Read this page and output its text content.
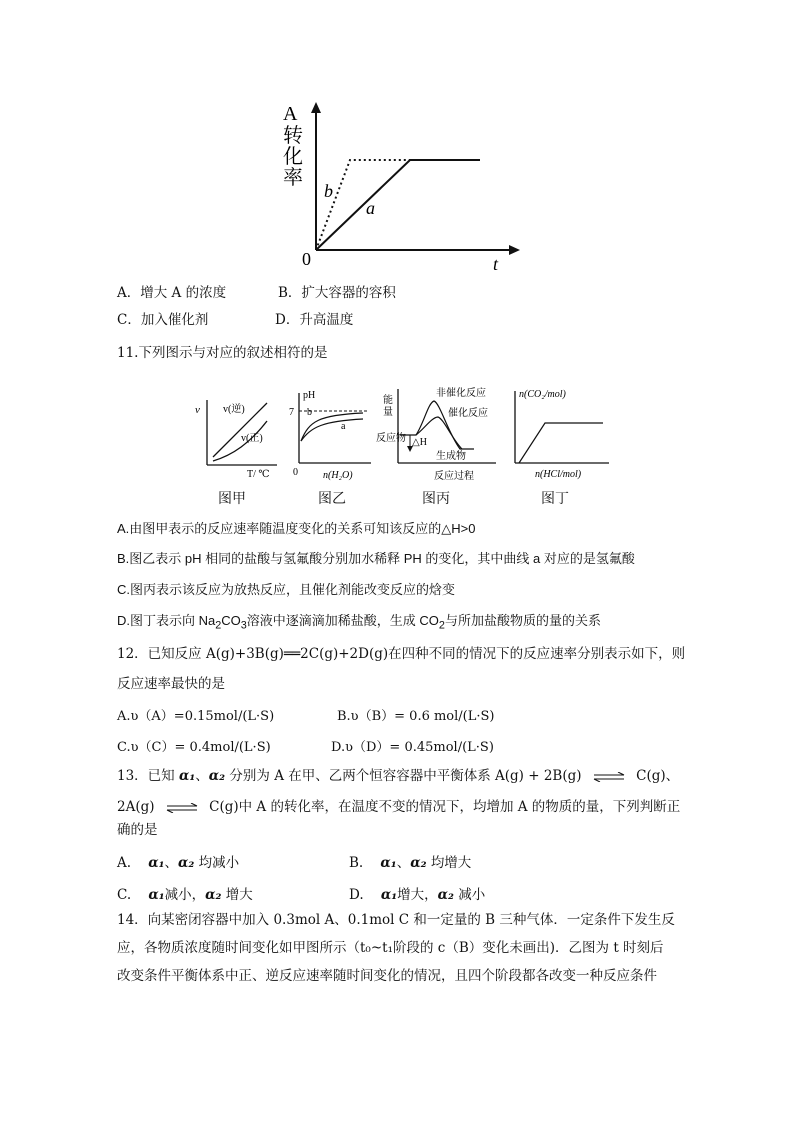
A
转
化
率
0	t
b
a
A．增大 A 的浓度	B．扩大容器的容积
C．加入催化剂	D．升高温度
11.下列图示与对应的叙述相符的是
v v(逆)
v(正)
T/ ℃
图甲
pH
7 b
a
0	n(H₂O)
图乙
能
量
非催化反应
催化反应
反应物 △H
生成物
反应过程
图丙
n(CO₂/mol)
n(HCl/mol)
图丁
A.由图甲表示的反应速率随温度变化的关系可知该反应的△H>0
B.图乙表示 pH 相同的盐酸与氢氟酸分别加水稀释 PH 的变化，其中曲线 a 对应的是氢氟酸
C.图丙表示该反应为放热反应，且催化剂能改变反应的焓变
D.图丁表示向 $Na_2CO_3$溶液中逐滴滴加稀盐酸，生成 $CO_2$与所加盐酸物质的量的关系
12．已知反应 A(g)+3B(g)══2C(g)+2D(g)在四种不同的情况下的反应速率分别表示如下，则
反应速率最快的是
A.ʋ（A）=0.15mol/(L·S)	B.ʋ（B）= 0.6 mol/(L·S)
C.ʋ（C）= 0.4mol/(L·S)	D.ʋ（D）= 0.45mol/(L·S)
13．已知 α₁、α₂ 分别为 A 在甲、乙两个恒容容器中平衡体系 A(g) + 2B(g) ⇌ C(g)、
2A(g) ⇌ C(g)中 A 的转化率，在温度不变的情况下，均增加 A 的物质的量，下列判断正
确的是
A. α₁、α₂ 均减小	B. α₁、α₂ 均增大
C. α₁减小，α₂ 增大	D. α₁增大，α₂ 减小
14．向某密闭容器中加入 0.3mol A、0.1mol C 和一定量的 B 三种气体．一定条件下发生反
应，各物质浓度随时间变化如甲图所示（t₀~t₁阶段的 c（B）变化未画出)．乙图为 t 时刻后
改变条件平衡体系中正、逆反应速率随时间变化的情况，且四个阶段都各改变一种反应条件
